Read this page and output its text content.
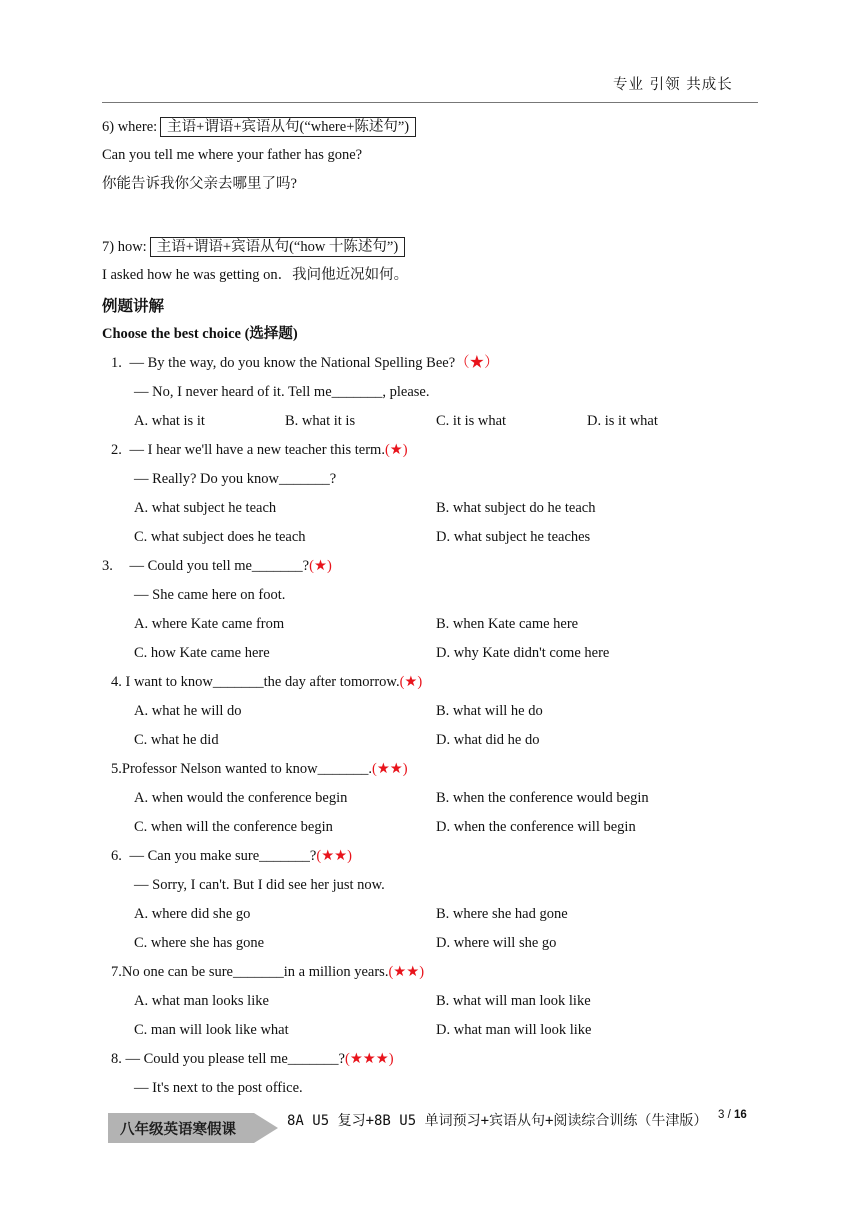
专业 引领 共成长
6) where: 主语+谓语+宾语从句(“where+陈述句”)
Can you tell me where your father has gone?
你能告诉我你父亲去哪里了吗?
7) how: 主语+谓语+宾语从句(“how 十陈述句”)
I asked how he was getting on．我问他近况如何。
例题讲解
Choose the best choice (选择题)
1. — By the way, do you know the National Spelling Bee?（★）
— No, I never heard of it. Tell me_______, please.
A. what is it	B. what it is	C. it is what	D. is it what
2. — I hear we'll have a new teacher this term.(★)
— Really? Do you know_______?
A. what subject he teach	B. what subject do he teach
C. what subject does he teach	D. what subject he teaches
3. — Could you tell me_______?(★)
— She came here on foot.
A. where Kate came from	B. when Kate came here
C. how Kate came here	D. why Kate didn't come here
4. I want to know_______the day after tomorrow.(★)
A. what he will do	B. what will he do
C. what he did	D. what did he do
5.Professor Nelson wanted to know_______.(★★)
A. when would the conference begin	B. when the conference would begin
C. when will the conference begin	D. when the conference will begin
6. — Can you make sure_______?(★★)
— Sorry, I can't. But I did see her just now.
A. where did she go	B. where she had gone
C. where she has gone	D. where will she go
7.No one can be sure_______in a million years.(★★)
A. what man looks like	B. what will man look like
C. man will look like what	D. what man will look like
8. — Could you please tell me_______?(★★★)
— It's next to the post office.
八年级英语寒假课
8A U5 复习+8B U5 单词预习+宾语从句+阅读综合训练（牛津版） 3 / 16
